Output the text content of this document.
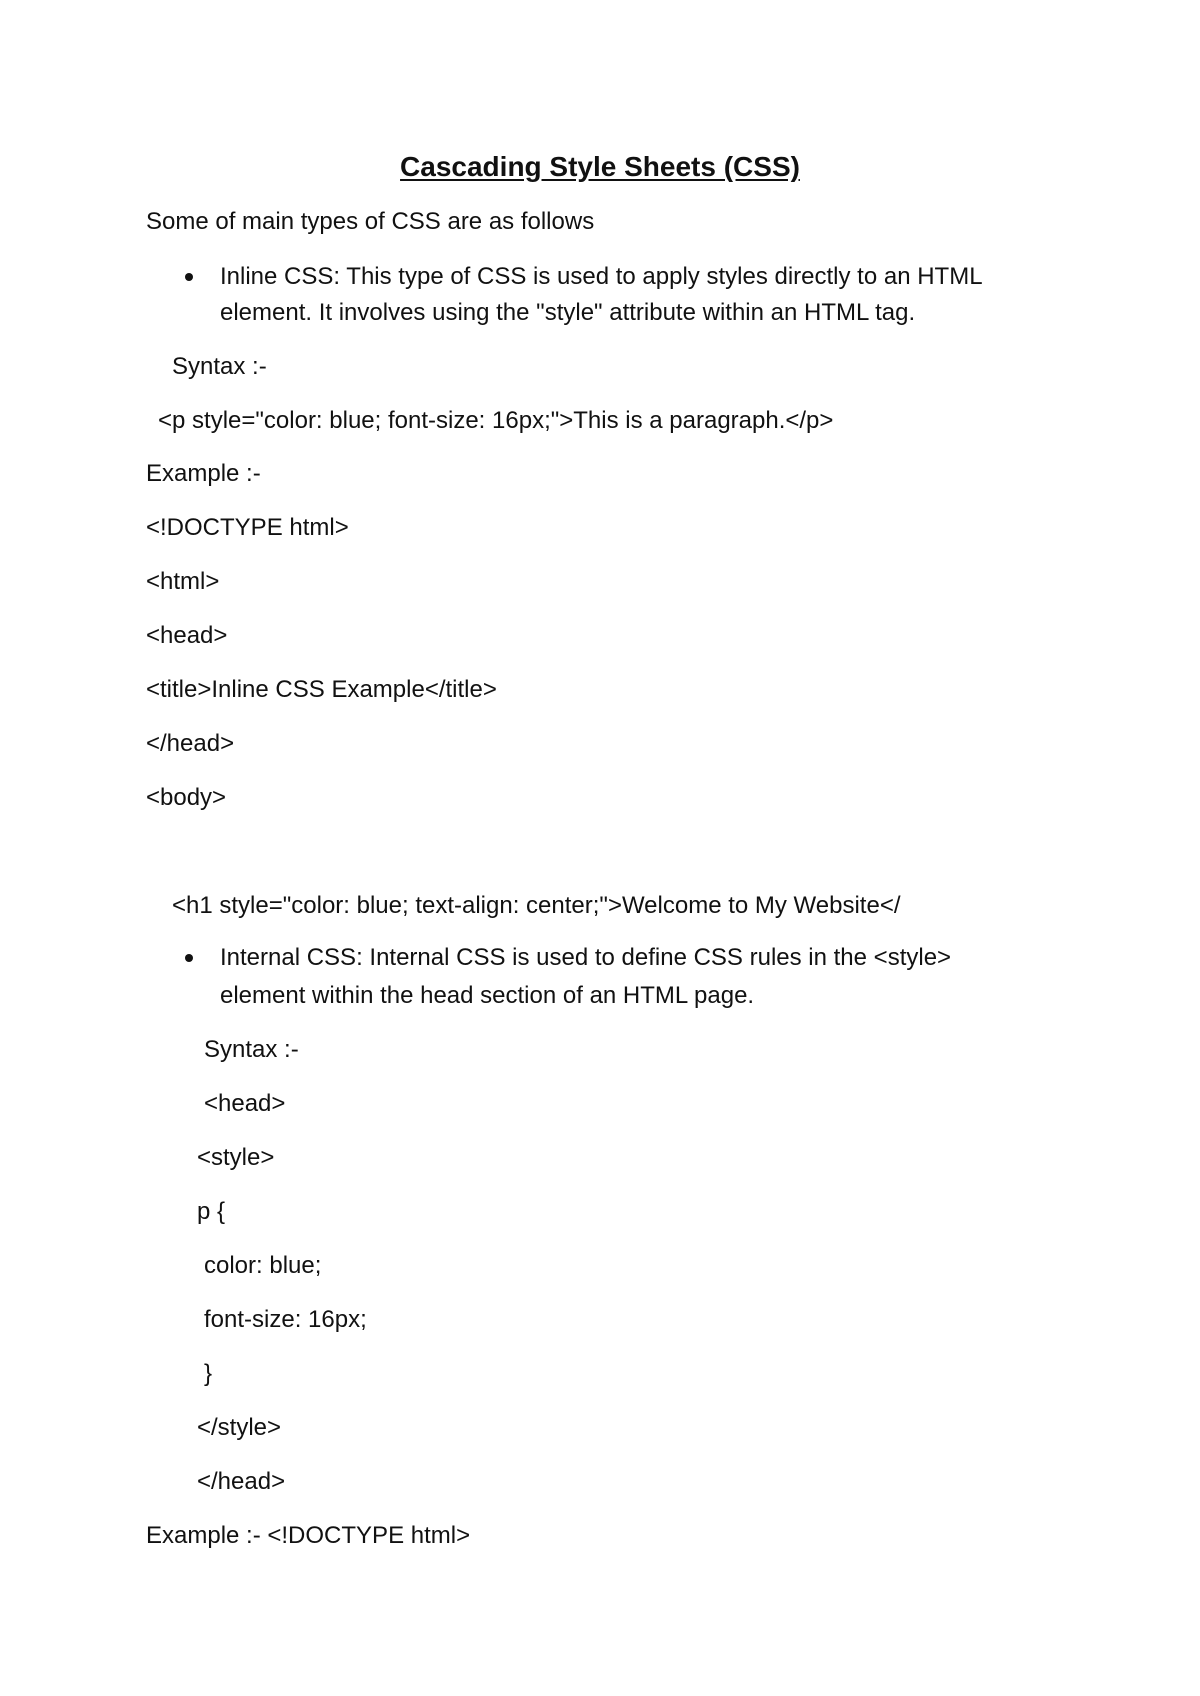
Cascading Style Sheets (CSS)

Some of main types of CSS are as follows

Inline CSS: This type of CSS is used to apply styles directly to an HTML

element. It involves using the "style" attribute within an HTML tag.

Syntax :-

<p style="color: blue; font-size: 16px;">This is a paragraph.</p>

Example :-

<!DOCTYPE html>

<html>

<head>

<title>Inline CSS Example</title>

</head>

<body>

<h1 style="color: blue; text-align: center;">Welcome to My Website</

Internal CSS: Internal CSS is used to define CSS rules in the <style>

element within the head section of an HTML page.

Syntax :-

<head>

<style>

p {

color: blue;

font-size: 16px;

}

</style>

</head>

Example :- <!DOCTYPE html>
